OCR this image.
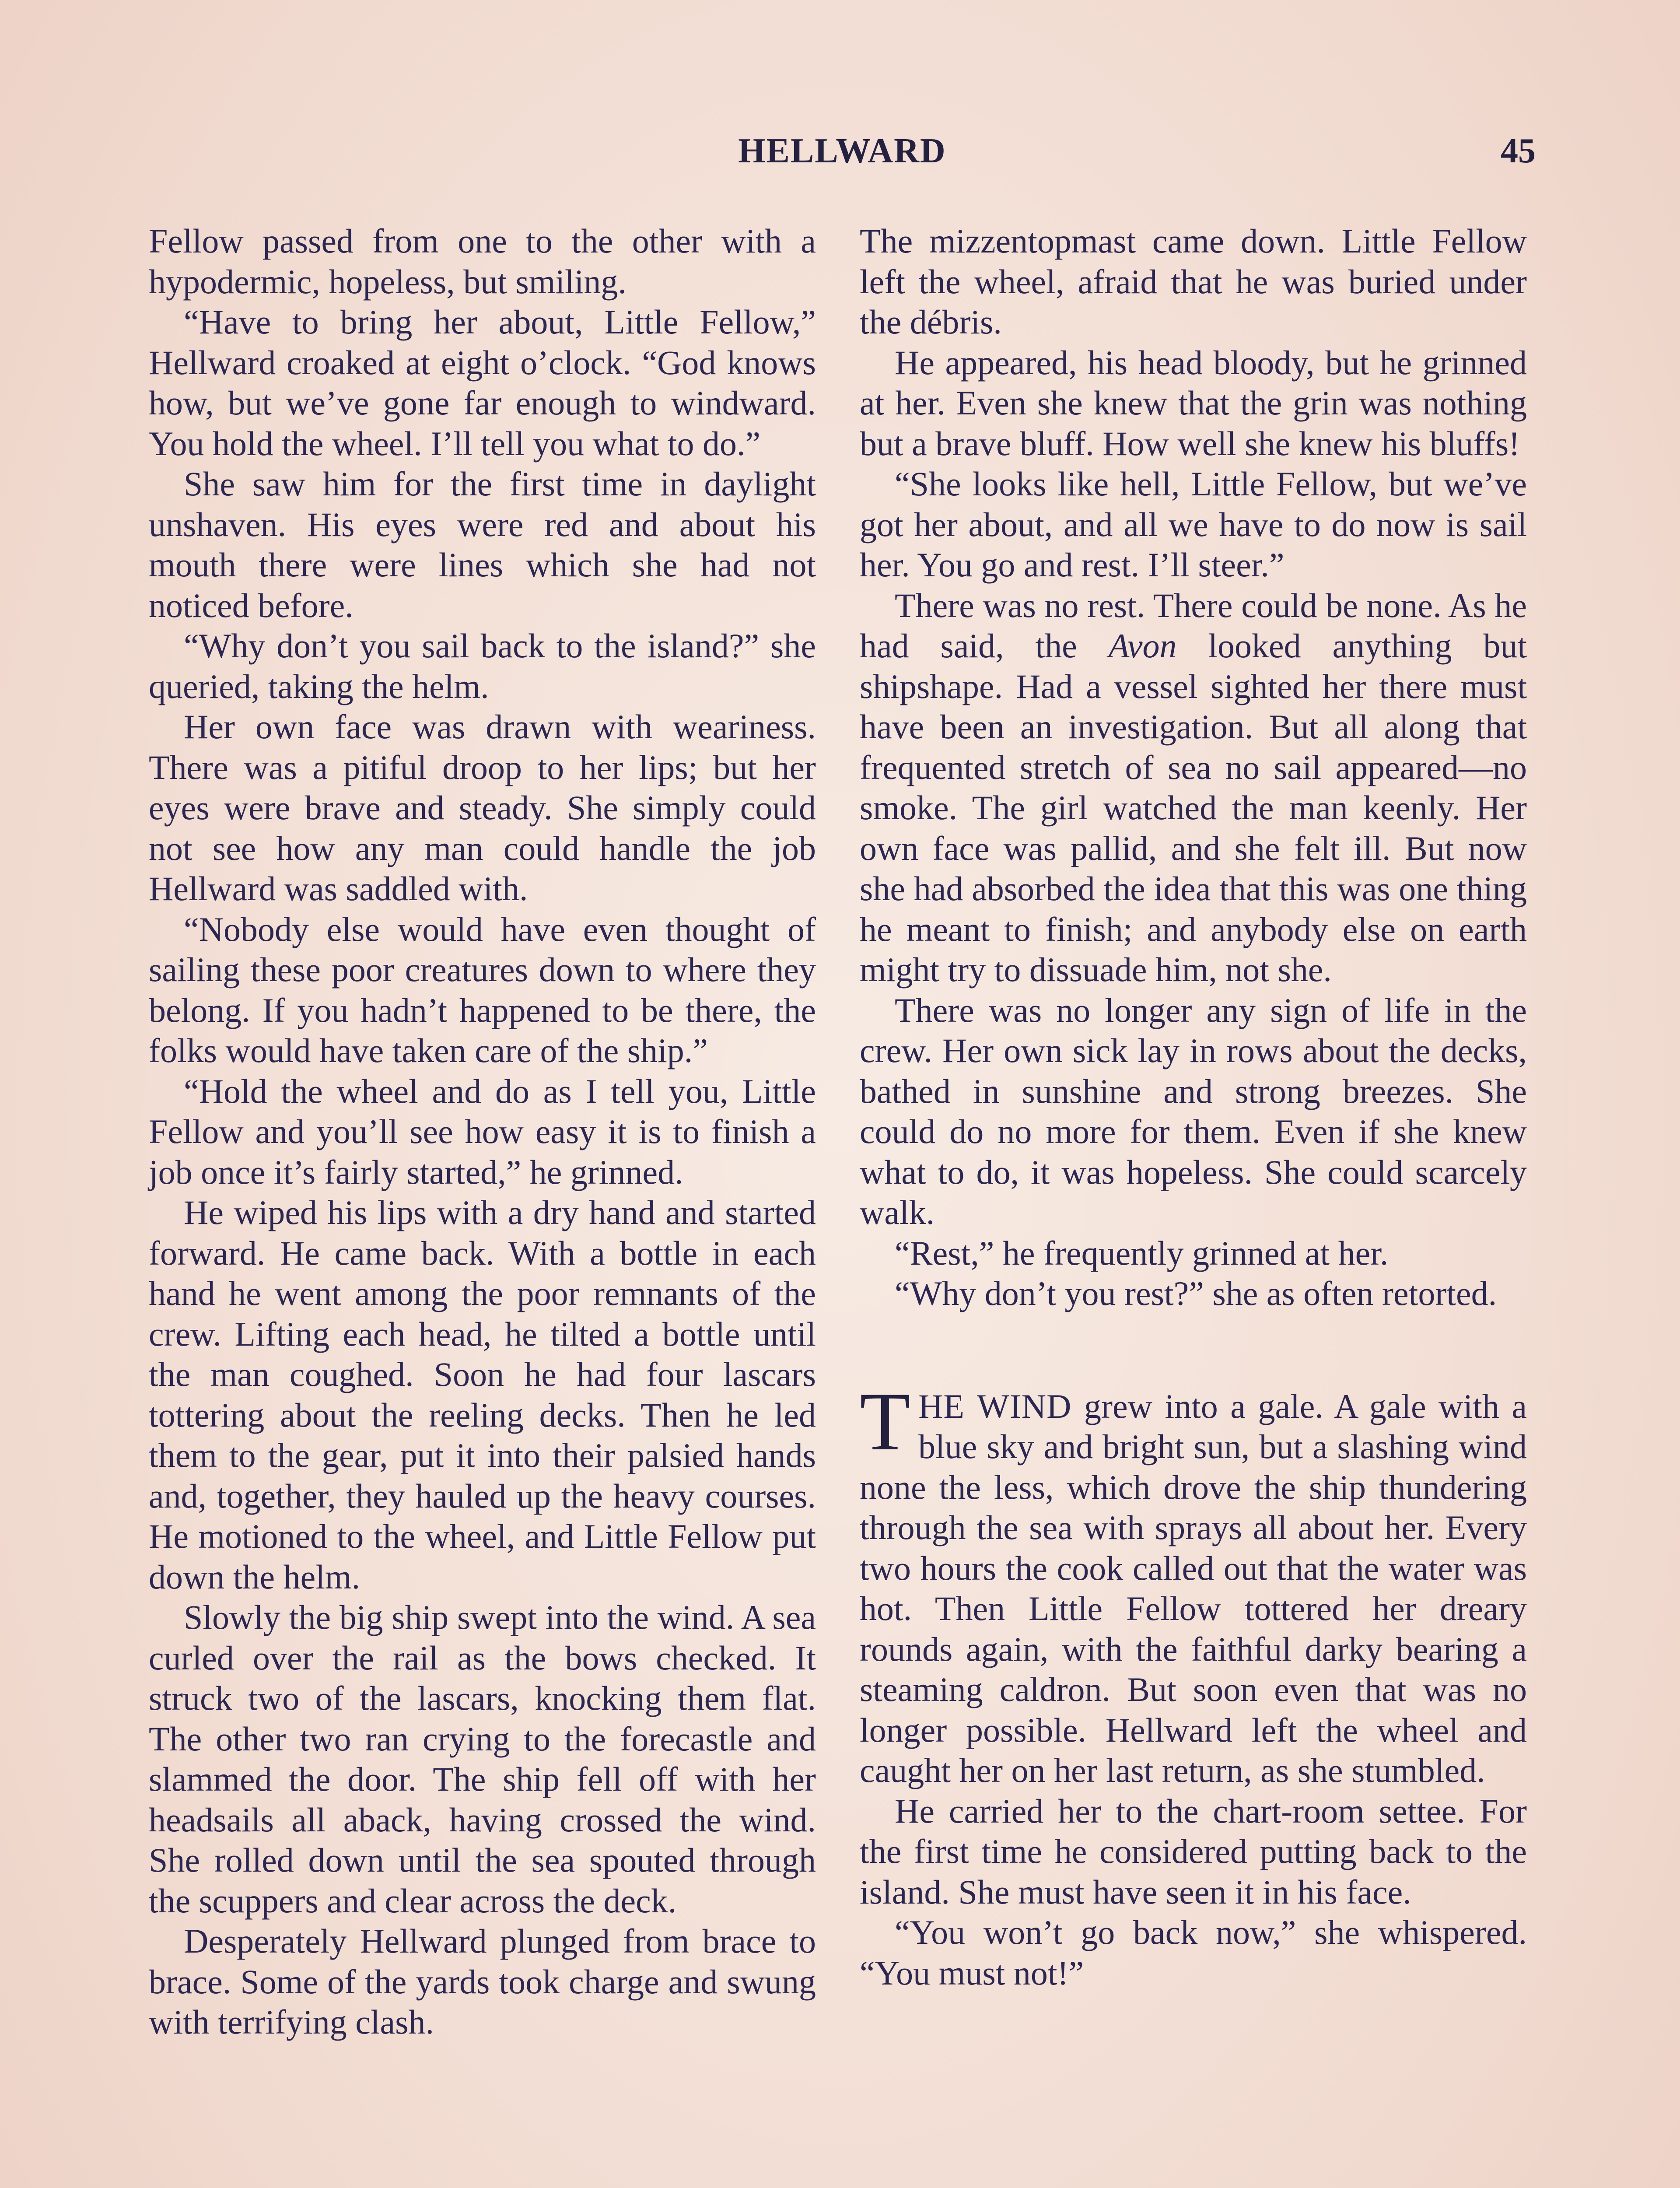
HELLWARD	45

Fellow passed from one to the other with a hypodermic, hopeless, but smiling.

“Have to bring her about, Little Fellow,” Hellward croaked at eight o’clock. “God knows how, but we’ve gone far enough to windward. You hold the wheel. I’ll tell you what to do.”

She saw him for the first time in daylight unshaven. His eyes were red and about his mouth there were lines which she had not noticed before.

“Why don’t you sail back to the island?” she queried, taking the helm.

Her own face was drawn with weariness. There was a pitiful droop to her lips; but her eyes were brave and steady. She simply could not see how any man could handle the job Hellward was saddled with.

“Nobody else would have even thought of sailing these poor creatures down to where they belong. If you hadn’t happened to be there, the folks would have taken care of the ship.”

“Hold the wheel and do as I tell you, Little Fellow and you’ll see how easy it is to finish a job once it’s fairly started,” he grinned.

He wiped his lips with a dry hand and started forward. He came back. With a bottle in each hand he went among the poor remnants of the crew. Lifting each head, he tilted a bottle until the man coughed. Soon he had four lascars tottering about the reeling decks. Then he led them to the gear, put it into their palsied hands and, together, they hauled up the heavy courses. He motioned to the wheel, and Little Fellow put down the helm.

Slowly the big ship swept into the wind. A sea curled over the rail as the bows checked. It struck two of the lascars, knocking them flat. The other two ran crying to the forecastle and slammed the door. The ship fell off with her headsails all aback, having crossed the wind. She rolled down until the sea spouted through the scuppers and clear across the deck.

Desperately Hellward plunged from brace to brace. Some of the yards took charge and swung with terrifying clash.

The mizzentopmast came down. Little Fellow left the wheel, afraid that he was buried under the débris.

He appeared, his head bloody, but he grinned at her. Even she knew that the grin was nothing but a brave bluff. How well she knew his bluffs!

“She looks like hell, Little Fellow, but we’ve got her about, and all we have to do now is sail her. You go and rest. I’ll steer.”

There was no rest. There could be none. As he had said, the Avon looked anything but shipshape. Had a vessel sighted her there must have been an investigation. But all along that frequented stretch of sea no sail appeared—no smoke. The girl watched the man keenly. Her own face was pallid, and she felt ill. But now she had absorbed the idea that this was one thing he meant to finish; and anybody else on earth might try to dissuade him, not she.

There was no longer any sign of life in the crew. Her own sick lay in rows about the decks, bathed in sunshine and strong breezes. She could do no more for them. Even if she knew what to do, it was hopeless. She could scarcely walk.

“Rest,” he frequently grinned at her.

“Why don’t you rest?” she as often retorted.

THE WIND grew into a gale. A gale with a blue sky and bright sun, but a slashing wind none the less, which drove the ship thundering through the sea with sprays all about her. Every two hours the cook called out that the water was hot. Then Little Fellow tottered her dreary rounds again, with the faithful darky bearing a steaming caldron. But soon even that was no longer possible. Hellward left the wheel and caught her on her last return, as she stumbled.

He carried her to the chart-room settee. For the first time he considered putting back to the island. She must have seen it in his face.

“You won’t go back now,” she whispered. “You must not!”
